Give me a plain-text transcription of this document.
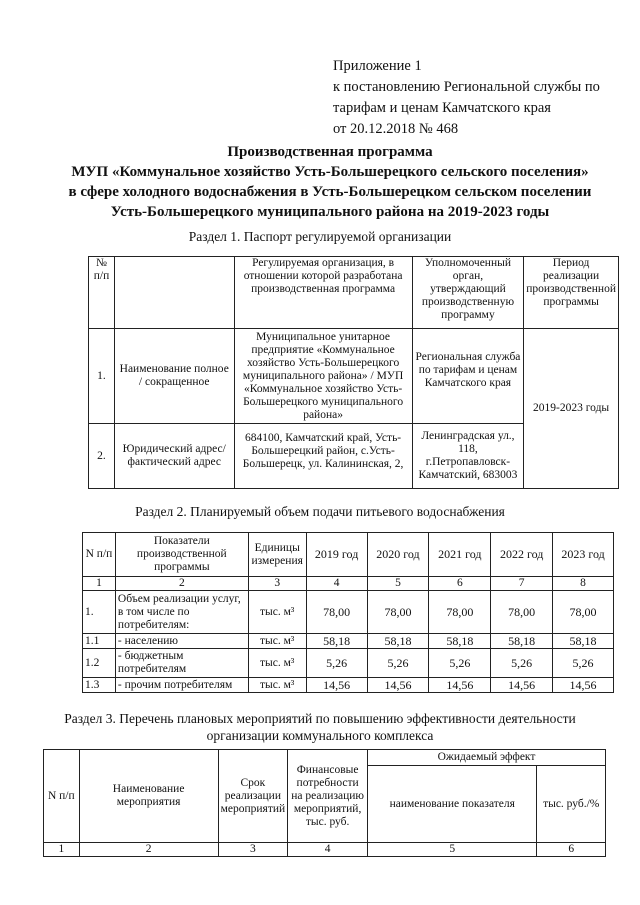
Приложение 1
к постановлению Региональной службы по
тарифам и ценам Камчатского края
от 20.12.2018 № 468
Производственная программа
МУП «Коммунальное хозяйство Усть-Большерецкого сельского поселения»
в сфере холодного водоснабжения в Усть-Большерецком сельском поселении
Усть-Большерецкого муниципального района на 2019-2023 годы
Раздел 1. Паспорт регулируемой организации
№ п/п		Регулируемая организация, в отношении которой разработана производственная программа	Уполномоченный орган, утверждающий производственную программу	Период реализации производственной программы
1.	Наименование полное / сокращенное	Муниципальное унитарное предприятие «Коммунальное хозяйство Усть-Большерецкого муниципального района» / МУП «Коммунальное хозяйство Усть-Большерецкого муниципального района»	Региональная служба по тарифам и ценам Камчатского края	2019-2023 годы
2.	Юридический адрес/фактический адрес	684100, Камчатский край, Усть-Большерецкий район, с.Усть-Большерецк, ул. Калининская, 2,	Ленинградская ул., 118, г.Петропавловск-Камчатский, 683003	
Раздел 2. Планируемый объем подачи питьевого водоснабжения
N п/п	Показатели производственной программы	Единицы измерения	2019 год	2020 год	2021 год	2022 год	2023 год
1	2	3	4	5	6	7	8
1.	Объем реализации услуг, в том числе по потребителям:	тыс. м³	78,00	78,00	78,00	78,00	78,00
1.1	- населению	тыс. м³	58,18	58,18	58,18	58,18	58,18
1.2	- бюджетным потребителям	тыс. м³	5,26	5,26	5,26	5,26	5,26
1.3	- прочим потребителям	тыс. м³	14,56	14,56	14,56	14,56	14,56
Раздел 3. Перечень плановых мероприятий по повышению эффективности деятельности
организации коммунального комплекса
N п/п	Наименование мероприятия	Срок реализации мероприятий	Финансовые потребности на реализацию мероприятий, тыс. руб.	Ожидаемый эффект	
				наименование показателя	тыс. руб./%
1	2	3	4	5	6
